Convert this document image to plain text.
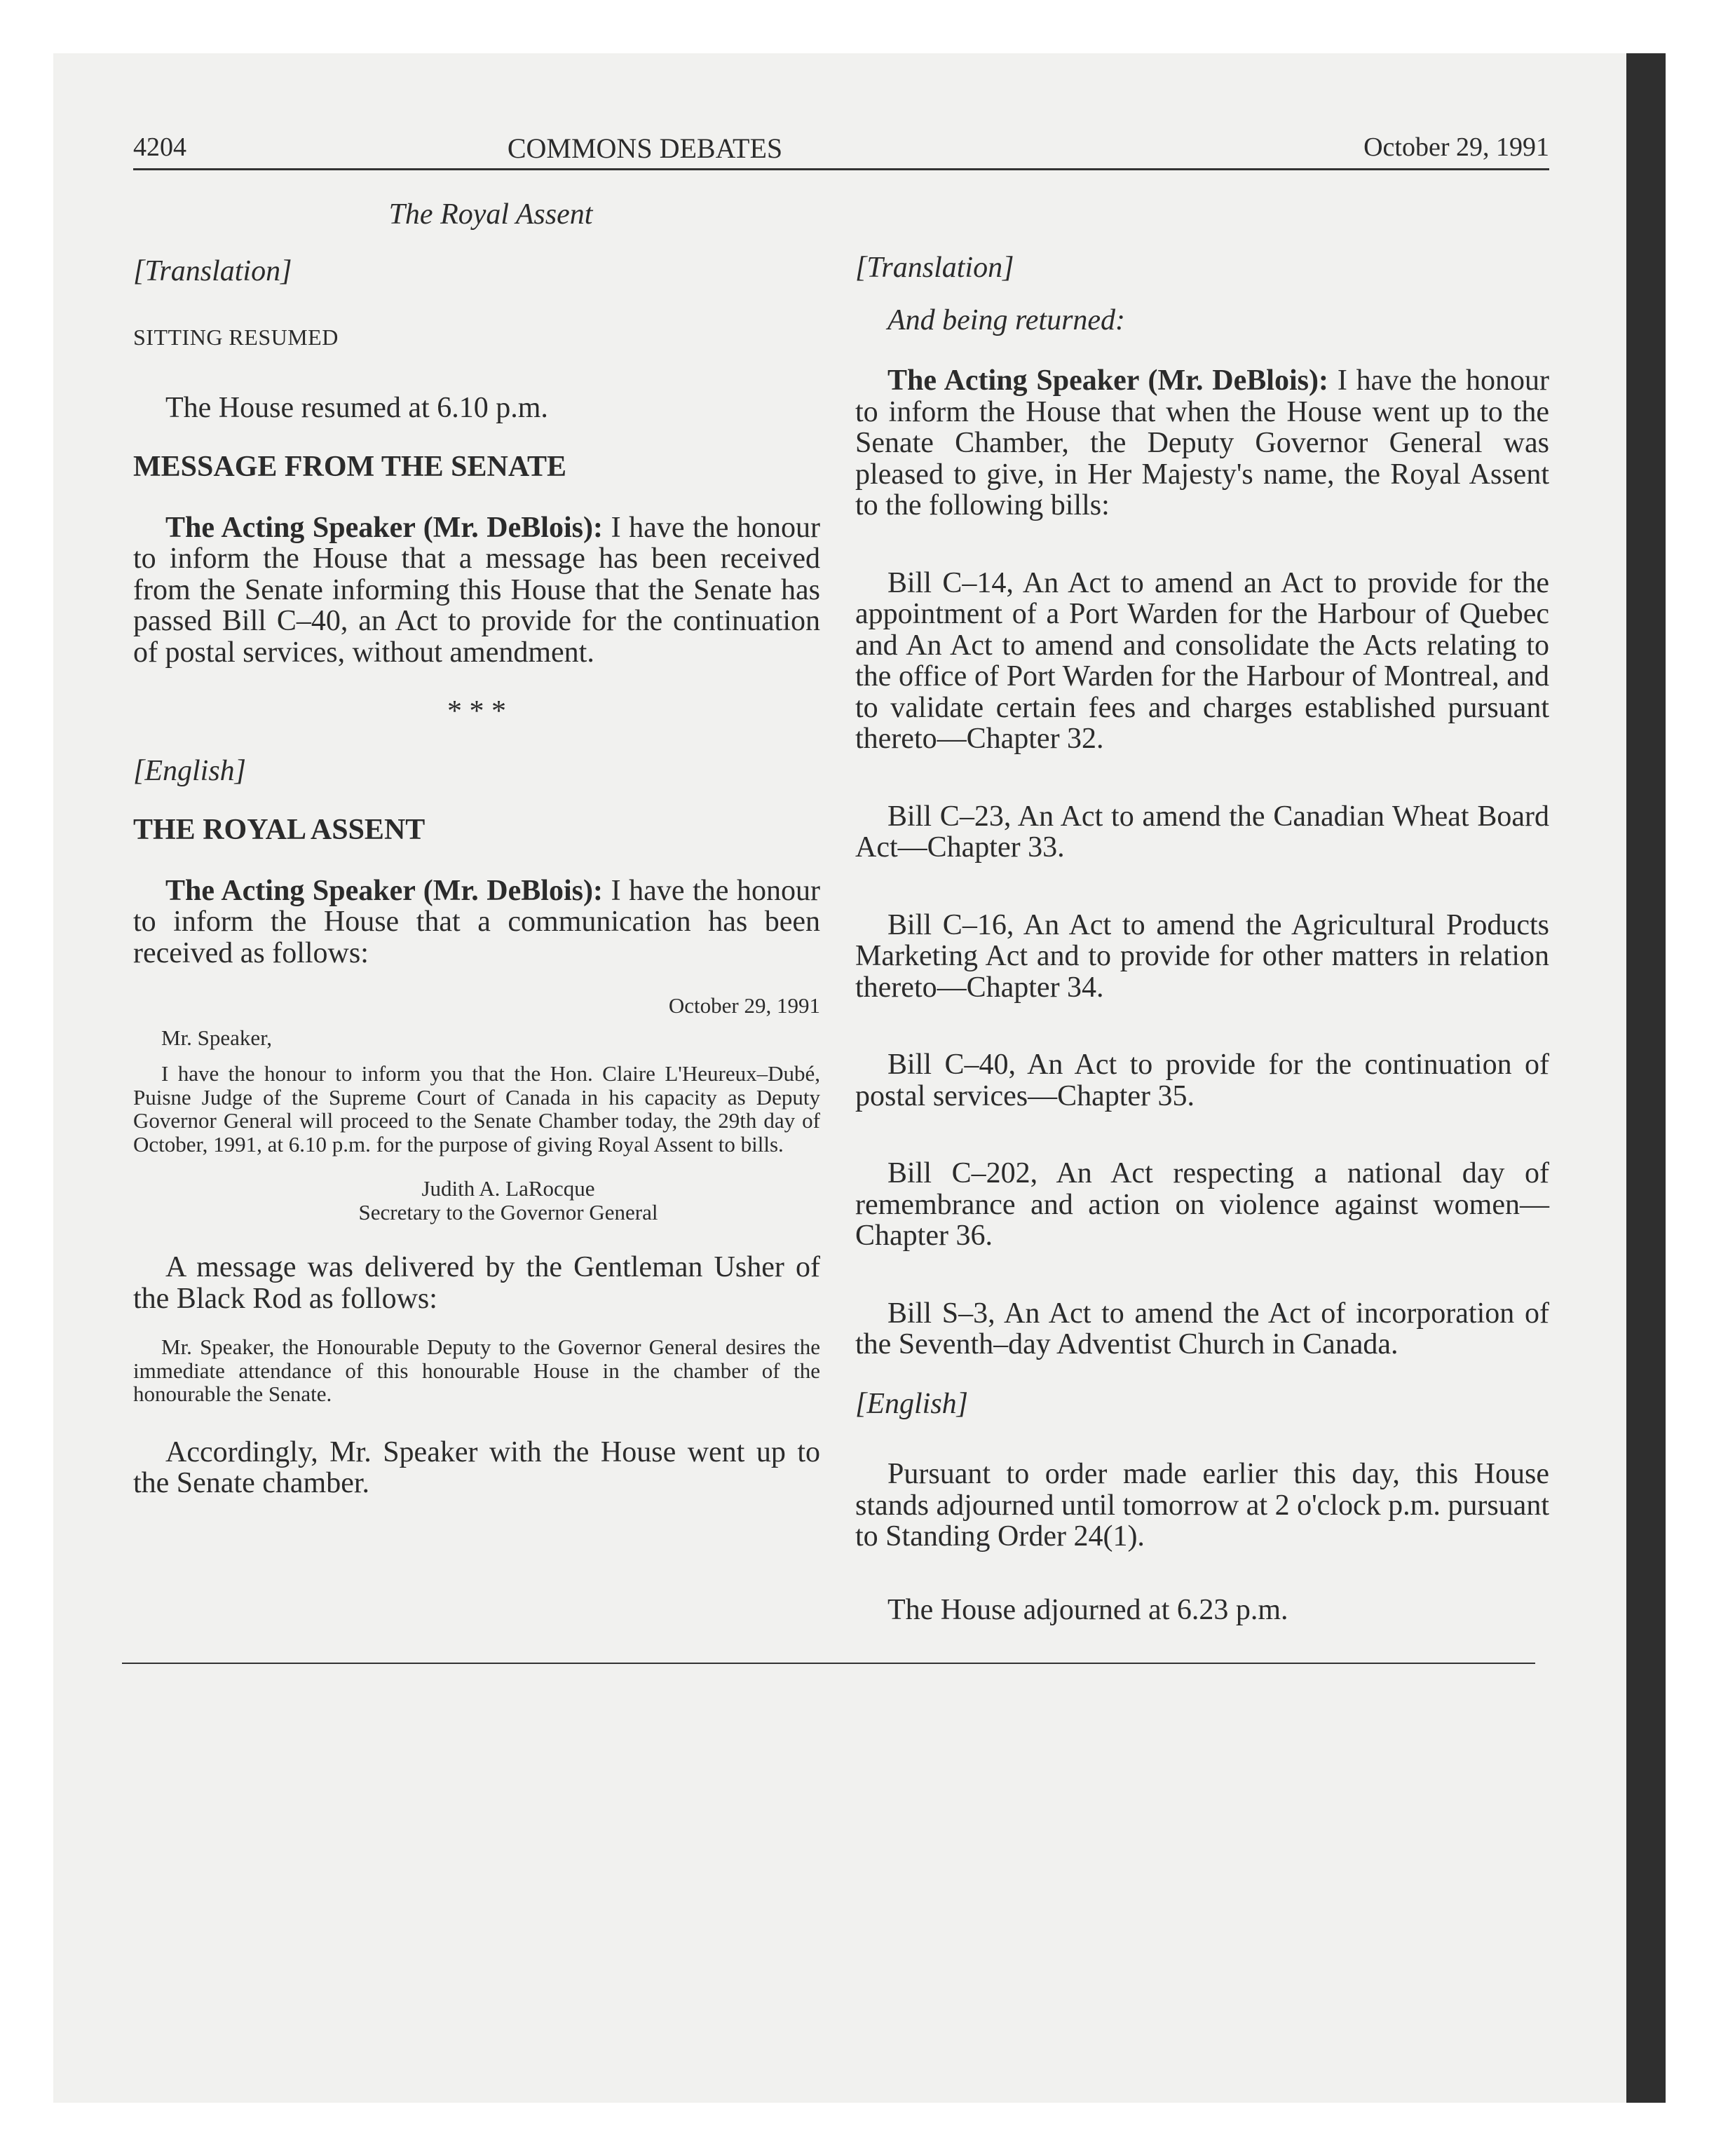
4204	COMMONS DEBATES	October 29, 1991

The Royal Assent

[Translation]

SITTING RESUMED

The House resumed at 6.10 p.m.

MESSAGE FROM THE SENATE

The Acting Speaker (Mr. DeBlois): I have the honour to inform the House that a message has been received from the Senate informing this House that the Senate has passed Bill C–40, an Act to provide for the continuation of postal services, without amendment.

* * *

[English]

THE ROYAL ASSENT

The Acting Speaker (Mr. DeBlois): I have the honour to inform the House that a communication has been received as follows:

October 29, 1991

Mr. Speaker,

I have the honour to inform you that the Hon. Claire L'Heureux–Dubé, Puisne Judge of the Supreme Court of Canada in his capacity as Deputy Governor General will proceed to the Senate Chamber today, the 29th day of October, 1991, at 6.10 p.m. for the purpose of giving Royal Assent to bills.

Judith A. LaRocque

Secretary to the Governor General

A message was delivered by the Gentleman Usher of the Black Rod as follows:

Mr. Speaker, the Honourable Deputy to the Governor General desires the immediate attendance of this honourable House in the chamber of the honourable the Senate.

Accordingly, Mr. Speaker with the House went up to the Senate chamber.

[Translation]

And being returned:

The Acting Speaker (Mr. DeBlois): I have the honour to inform the House that when the House went up to the Senate Chamber, the Deputy Governor General was pleased to give, in Her Majesty's name, the Royal Assent to the following bills:

Bill C–14, An Act to amend an Act to provide for the appointment of a Port Warden for the Harbour of Quebec and An Act to amend and consolidate the Acts relating to the office of Port Warden for the Harbour of Montreal, and to validate certain fees and charges established pursuant thereto—Chapter 32.

Bill C–23, An Act to amend the Canadian Wheat Board Act—Chapter 33.

Bill C–16, An Act to amend the Agricultural Products Marketing Act and to provide for other matters in relation thereto—Chapter 34.

Bill C–40, An Act to provide for the continuation of postal services—Chapter 35.

Bill C–202, An Act respecting a national day of remembrance and action on violence against women—Chapter 36.

Bill S–3, An Act to amend the Act of incorporation of the Seventh–day Adventist Church in Canada.

[English]

Pursuant to order made earlier this day, this House stands adjourned until tomorrow at 2 o'clock p.m. pursuant to Standing Order 24(1).

The House adjourned at 6.23 p.m.
